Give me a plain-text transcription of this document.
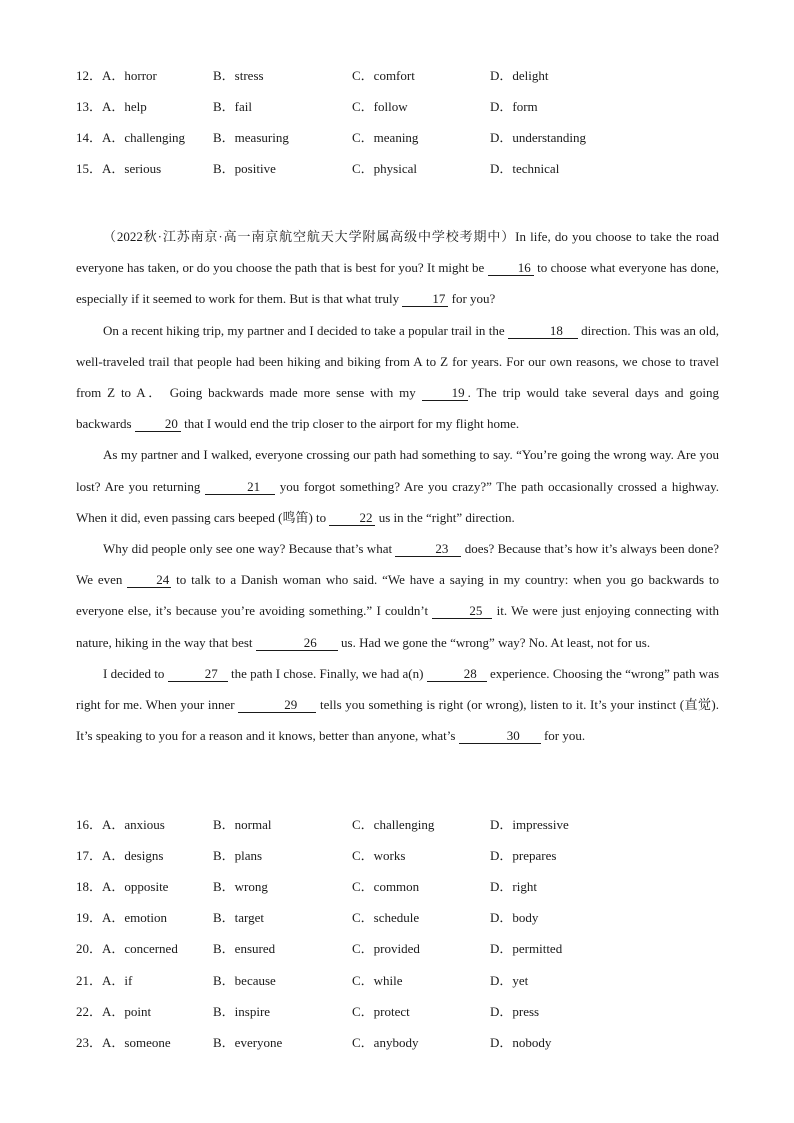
12．A．horror	B．stress	C．comfort	D．delight
13．A．help	B．fail	C．follow	D．form
14．A．challenging B．measuring	C．meaning	D．understanding
15．A．serious	B．positive	C．physical	D．technical

（2022秋·江苏南京·高一南京航空航天大学附属高级中学校考期中）In life, do you choose to take the road everyone has taken, or do you choose the path that is best for you? It might be 16 to choose what everyone has done, especially if it seemed to work for them. But is that what truly 17 for you?

On a recent hiking trip, my partner and I decided to take a popular trail in the	18 direction. This was an old, well-traveled trail that people had been hiking and biking from A to Z for years. For our own reasons, we chose to travel from Z to A． Going backwards made more sense with my 19 . The trip would take several days and going backwards 20 that I would end the trip closer to the airport for my flight home.

As my partner and I walked, everyone crossing our path had something to say. “You’re going the wrong way. Are you lost? Are you returning	21 you forgot something? Are you crazy?” The path occasionally crossed a highway. When it did, even passing cars beeped (鸣笛) to 22 us in the “right” direction.

Why did people only see one way? Because that’s what	23 does? Because that’s how it’s always been done? We even 24 to talk to a Danish woman who said. “We have a saying in my country: when you go backwards to everyone else, it’s because you’re avoiding something.” I couldn’t	25 it. We were just enjoying connecting with nature, hiking in the way that best	26 us. Had we gone the “wrong” way? No. At least, not for us.

I decided to	27 the path I chose. Finally, we had a(n)	28 experience. Choosing the “wrong” path was right for me. When your inner	29 tells you something is right (or wrong), listen to it. It’s your instinct (直觉). It’s speaking to you for a reason and it knows, better than anyone, what’s	30 for you.

16．A．anxious	B．normal	C．challenging	D．impressive
17．A．designs	B．plans	C．works	D．prepares
18．A．opposite	B．wrong	C．common	D．right
19．A．emotion	B．target	C．schedule	D．body
20．A．concerned	B．ensured	C．provided	D．permitted
21．A．if	B．because	C．while	D．yet
22．A．point	B．inspire	C．protect	D．press
23．A．someone	B．everyone	C．anybody	D．nobody
